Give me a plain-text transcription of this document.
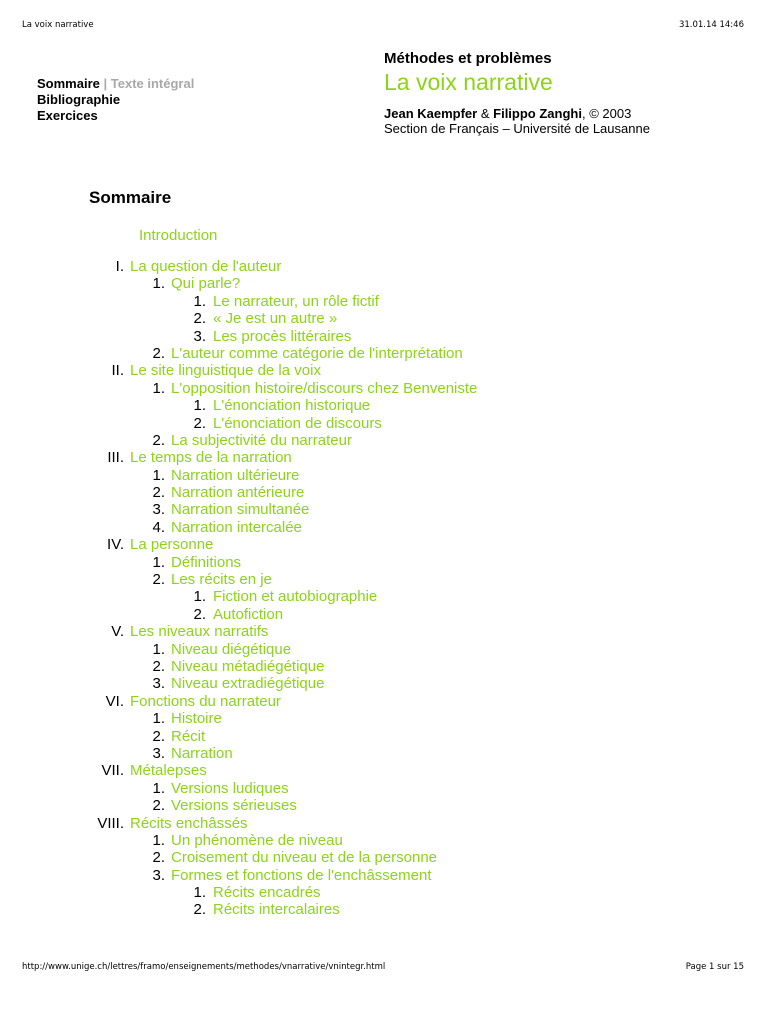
La voix narrative	31.01.14 14:46
Sommaire | Texte intégral
Bibliographie
Exercices
Méthodes et problèmes
La voix narrative
Jean Kaempfer & Filippo Zanghi, © 2003
Section de Français – Université de Lausanne
Sommaire
Introduction
I. La question de l'auteur
1. Qui parle?
1. Le narrateur, un rôle fictif
2. « Je est un autre »
3. Les procès littéraires
2. L'auteur comme catégorie de l'interprétation
II. Le site linguistique de la voix
1. L'opposition histoire/discours chez Benveniste
1. L'énonciation historique
2. L'énonciation de discours
2. La subjectivité du narrateur
III. Le temps de la narration
1. Narration ultérieure
2. Narration antérieure
3. Narration simultanée
4. Narration intercalée
IV. La personne
1. Définitions
2. Les récits en je
1. Fiction et autobiographie
2. Autofiction
V. Les niveaux narratifs
1. Niveau diégétique
2. Niveau métadiégétique
3. Niveau extradiégétique
VI. Fonctions du narrateur
1. Histoire
2. Récit
3. Narration
VII. Métalepses
1. Versions ludiques
2. Versions sérieuses
VIII. Récits enchâssés
1. Un phénomène de niveau
2. Croisement du niveau et de la personne
3. Formes et fonctions de l'enchâssement
1. Récits encadrés
2. Récits intercalaires
http://www.unige.ch/lettres/framo/enseignements/methodes/vnarrative/vnintegr.html	Page 1 sur 15
